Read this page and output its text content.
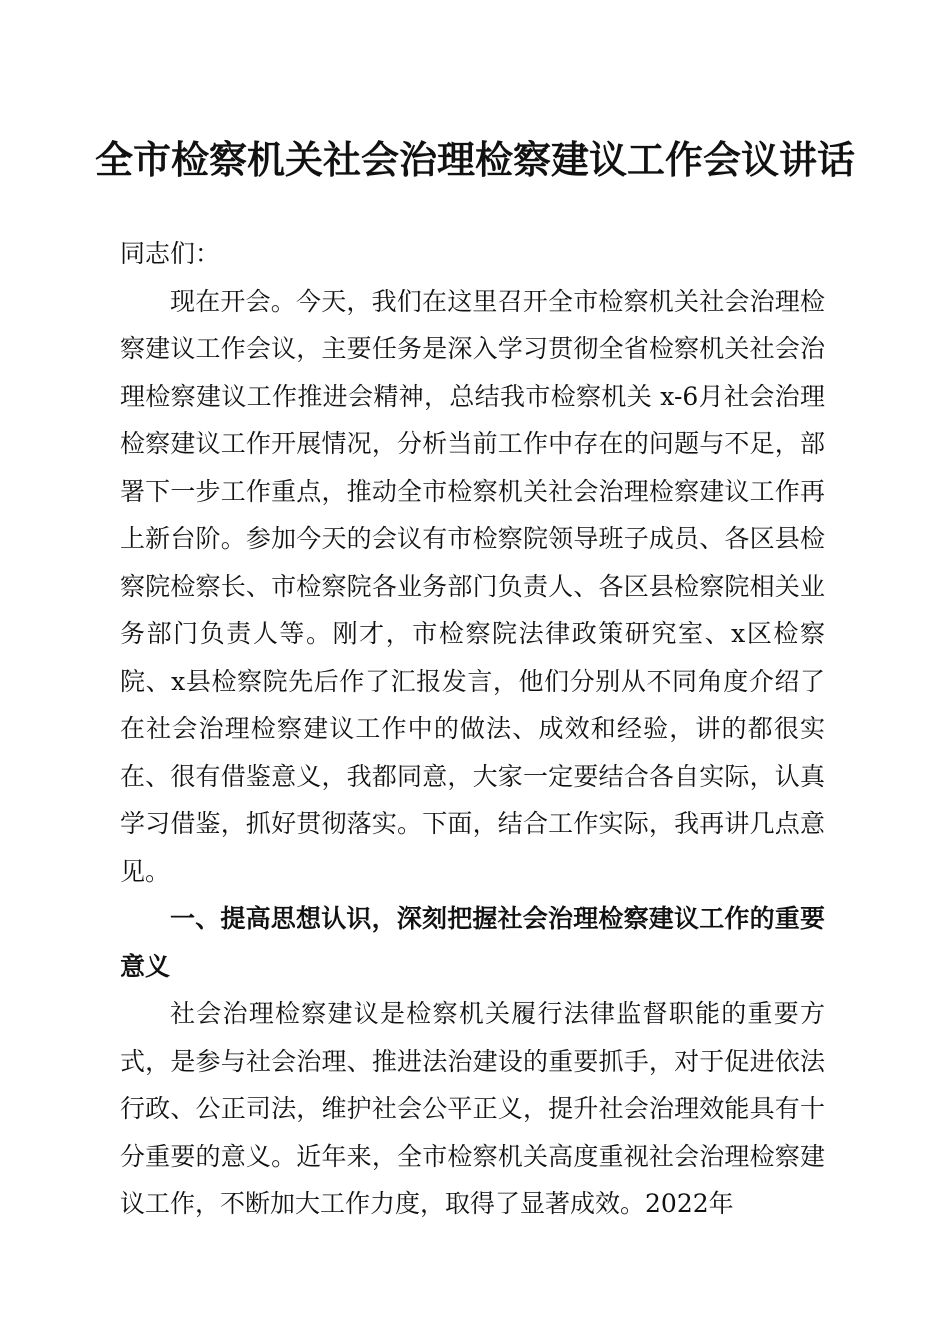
全市检察机关社会治理检察建议工作会议讲话

同志们：

现在开会。今天，我们在这里召开全市检察机关社会治理检察建议工作会议，主要任务是深入学习贯彻全省检察机关社会治理检察建议工作推进会精神，总结我市检察机关 x-6月社会治理检察建议工作开展情况，分析当前工作中存在的问题与不足，部署下一步工作重点，推动全市检察机关社会治理检察建议工作再上新台阶。参加今天的会议有市检察院领导班子成员、各区县检察院检察长、市检察院各业务部门负责人、各区县检察院相关业务部门负责人等。刚才，市检察院法律政策研究室、x区检察院、x县检察院先后作了汇报发言，他们分别从不同角度介绍了在社会治理检察建议工作中的做法、成效和经验，讲的都很实在、很有借鉴意义，我都同意，大家一定要结合各自实际，认真学习借鉴，抓好贯彻落实。下面，结合工作实际，我再讲几点意见。

一、提高思想认识，深刻把握社会治理检察建议工作的重要意义

社会治理检察建议是检察机关履行法律监督职能的重要方式，是参与社会治理、推进法治建设的重要抓手，对于促进依法行政、公正司法，维护社会公平正义，提升社会治理效能具有十分重要的意义。近年来，全市检察机关高度重视社会治理检察建议工作，不断加大工作力度，取得了显著成效。2022年
